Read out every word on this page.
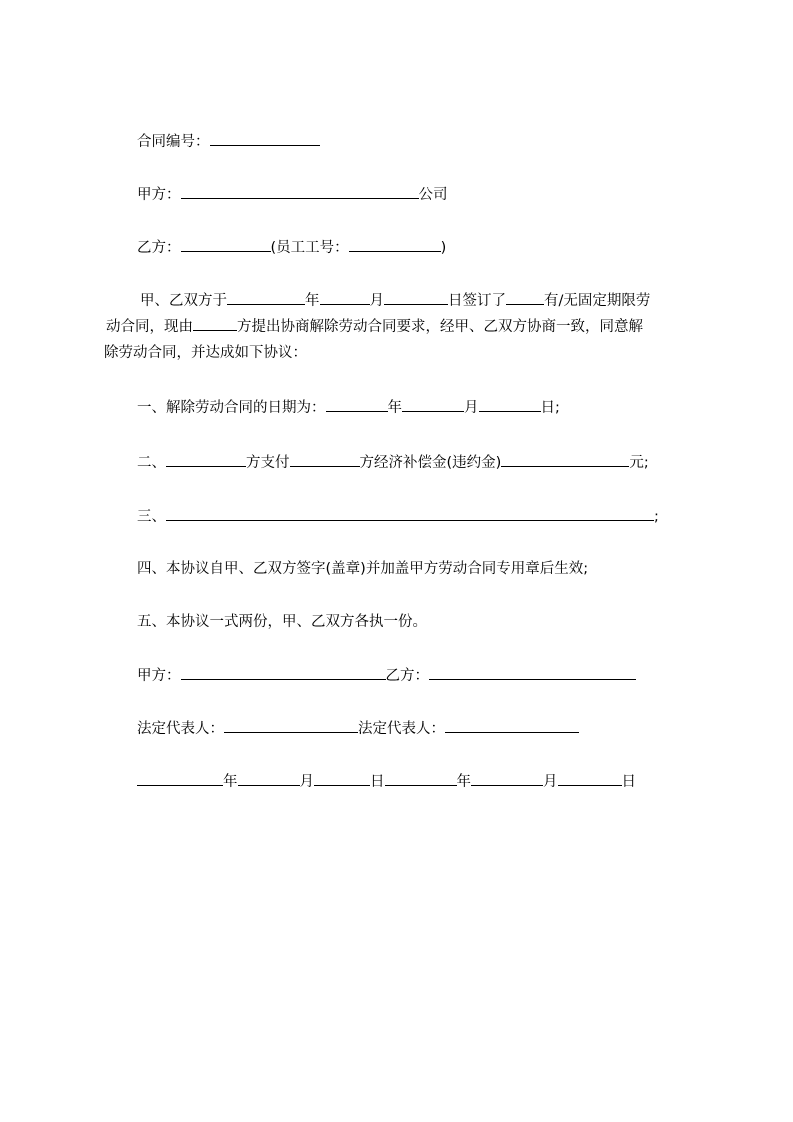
合同编号：
甲方：	公司
乙方：	(员工工号：	)
甲、乙双方于	年	月	日签订了	有/无固定期限劳
动合同，现由	方提出协商解除劳动合同要求，经甲、乙双方协商一致，同意解
除劳动合同，并达成如下协议：
一、解除劳动合同的日期为：	年	月	日;
二、	方支付	方经济补偿金(违约金)	元;
三、	;
四、本协议自甲、乙双方签字(盖章)并加盖甲方劳动合同专用章后生效;
五、本协议一式两份，甲、乙双方各执一份。
甲方：	乙方：
法定代表人：	法定代表人：
年	月	日	年	月	日
